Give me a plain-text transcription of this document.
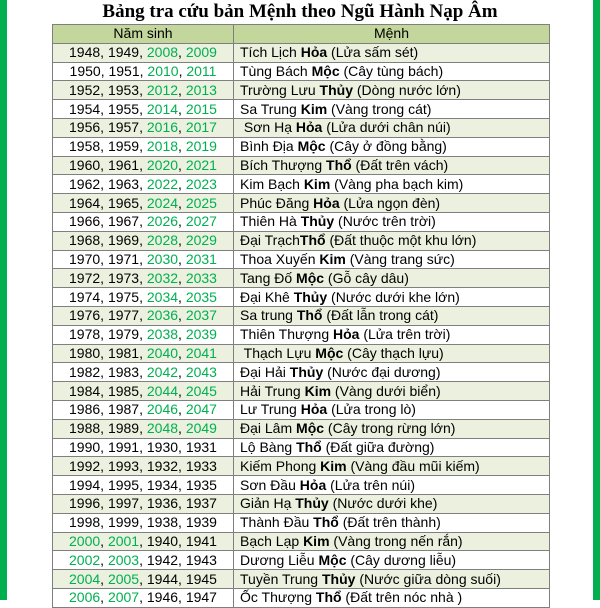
Bảng tra cứu bản Mệnh theo Ngũ Hành Nạp Âm
Năm sinh	Mệnh
1948, 1949, 2008, 2009	Tích Lịch Hỏa (Lửa sấm sét)
1950, 1951, 2010, 2011	Tùng Bách Mộc (Cây tùng bách)
1952, 1953, 2012, 2013	Trường Lưu Thủy (Dòng nước lớn)
1954, 1955, 2014, 2015	Sa Trung Kim (Vàng trong cát)
1956, 1957, 2016, 2017	Sơn Hạ Hỏa (Lửa dưới chân núi)
1958, 1959, 2018, 2019	Bình Địa Mộc (Cây ở đồng bằng)
1960, 1961, 2020, 2021	Bích Thượng Thổ (Đất trên vách)
1962, 1963, 2022, 2023	Kim Bạch Kim (Vàng pha bạch kim)
1964, 1965, 2024, 2025	Phúc Đăng Hỏa (Lửa ngọn đèn)
1966, 1967, 2026, 2027	Thiên Hà Thủy (Nước trên trời)
1968, 1969, 2028, 2029	Đại TrạchThổ (Đất thuộc một khu lớn)
1970, 1971, 2030, 2031	Thoa Xuyến Kim (Vàng trang sức)
1972, 1973, 2032, 2033	Tang Đố Mộc (Gỗ cây dâu)
1974, 1975, 2034, 2035	Đại Khê Thủy (Nước dưới khe lớn)
1976, 1977, 2036, 2037	Sa trung Thổ (Đất lẫn trong cát)
1978, 1979, 2038, 2039	Thiên Thượng Hỏa (Lửa trên trời)
1980, 1981, 2040, 2041	Thạch Lựu Mộc (Cây thạch lựu)
1982, 1983, 2042, 2043	Đại Hải Thủy (Nước đại dương)
1984, 1985, 2044, 2045	Hải Trung Kim (Vàng dưới biển)
1986, 1987, 2046, 2047	Lư Trung Hỏa (Lửa trong lò)
1988, 1989, 2048, 2049	Đại Lâm Mộc (Cây trong rừng lớn)
1990, 1991, 1930, 1931	Lộ Bàng Thổ (Đất giữa đường)
1992, 1993, 1932, 1933	Kiếm Phong Kim (Vàng đầu mũi kiếm)
1994, 1995, 1934, 1935	Sơn Đầu Hỏa (Lửa trên núi)
1996, 1997, 1936, 1937	Giản Hạ Thủy (Nước dưới khe)
1998, 1999, 1938, 1939	Thành Đầu Thổ (Đất trên thành)
2000, 2001, 1940, 1941	Bạch Lạp Kim (Vàng trong nến rắn)
2002, 2003, 1942, 1943	Dương Liễu Mộc (Cây dương liễu)
2004, 2005, 1944, 1945	Tuyền Trung Thủy (Nước giữa dòng suối)
2006, 2007, 1946, 1947	Ốc Thượng Thổ (Đất trên nóc nhà )
